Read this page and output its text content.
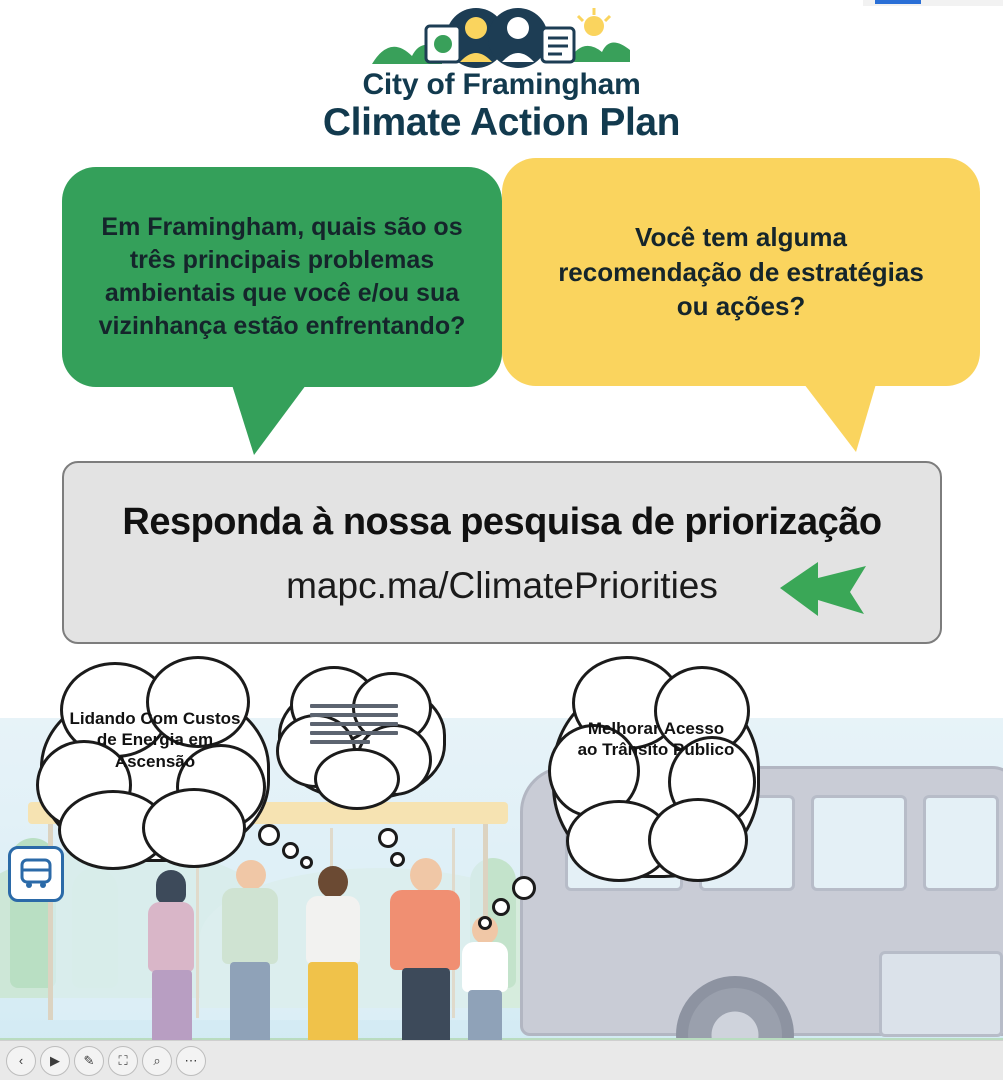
City of Framingham
Climate Action Plan
Em Framingham, quais são os três principais problemas ambientais que você e/ou sua vizinhança estão enfrentando?
Você tem alguma recomendação de estratégias ou ações?
Responda à nossa pesquisa de priorização
mapc.ma/ClimatePriorities
Lidando Com Custos de Energia em Ascensão
Melhorar Acesso ao Trânsito Público
‹	▶	✎	⛶	⌕	⋯
